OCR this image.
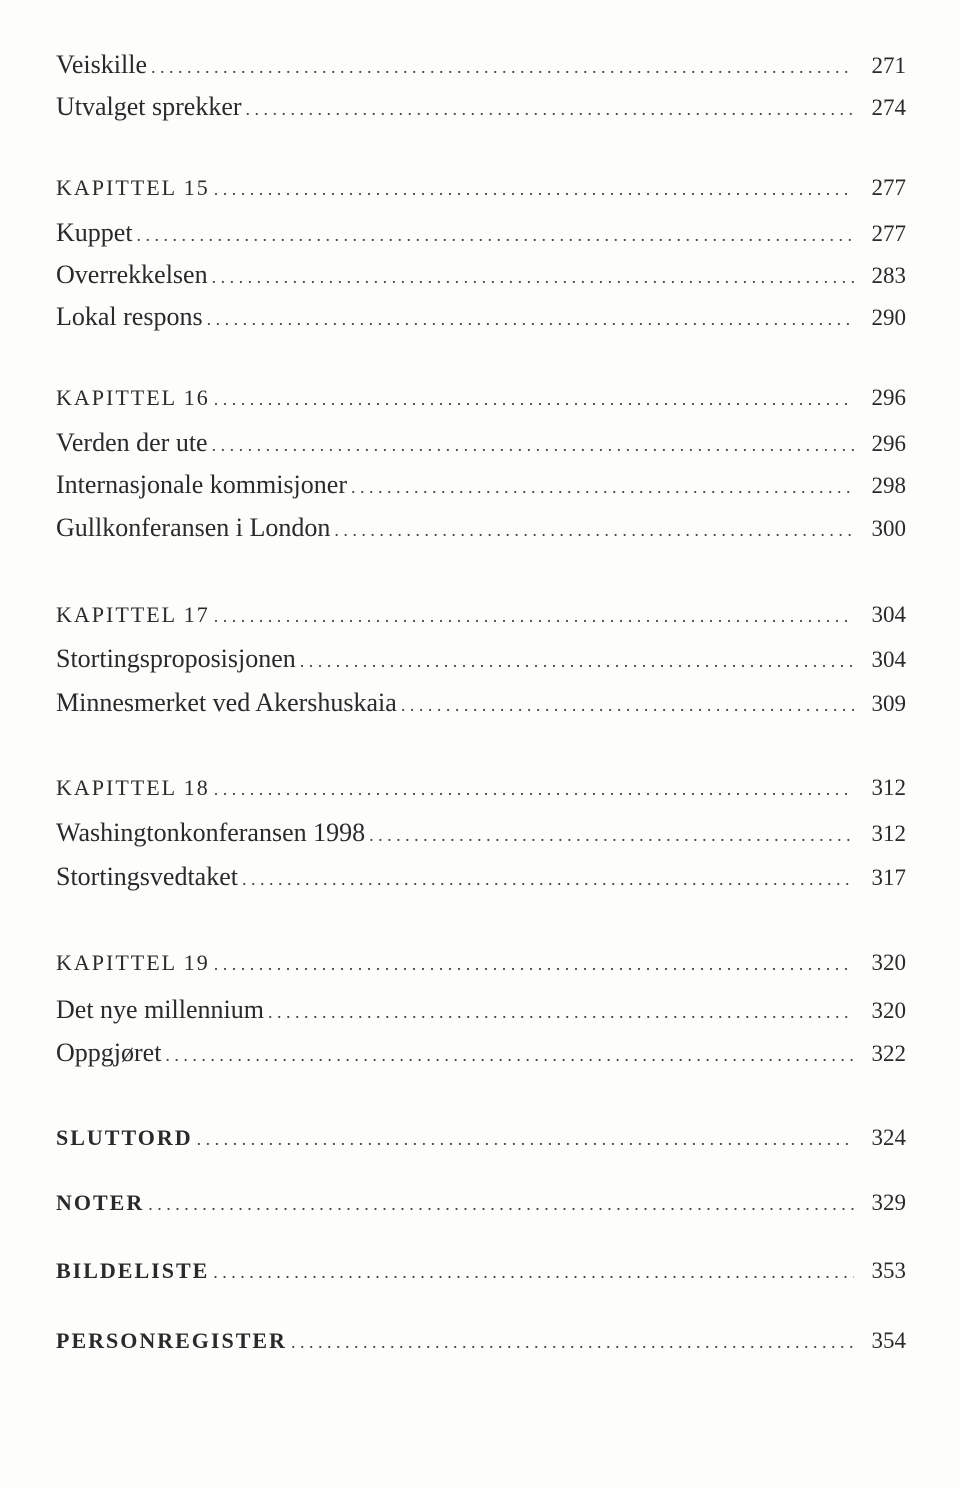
Veiskille . . .	271
Utvalget sprekker . . .	274
KAPITTEL 15 . . .	277
Kuppet . . .	277
Overrekkelsen . . .	283
Lokal respons . . .	290
KAPITTEL 16 . . .	296
Verden der ute . . .	296
Internasjonale kommisjoner . . .	298
Gullkonferansen i London . . .	300
KAPITTEL 17 . . .	304
Stortingsproposisjonen . . .	304
Minnesmerket ved Akershuskaia . . .	309
KAPITTEL 18 . . .	312
Washingtonkonferansen 1998 . . .	312
Stortingsvedtaket . . .	317
KAPITTEL 19 . . .	320
Det nye millennium . . .	320
Oppgjøret . . .	322
SLUTTORD . . .	324
NOTER . . .	329
BILDELISTE . . .	353
PERSONREGISTER . . .	354
